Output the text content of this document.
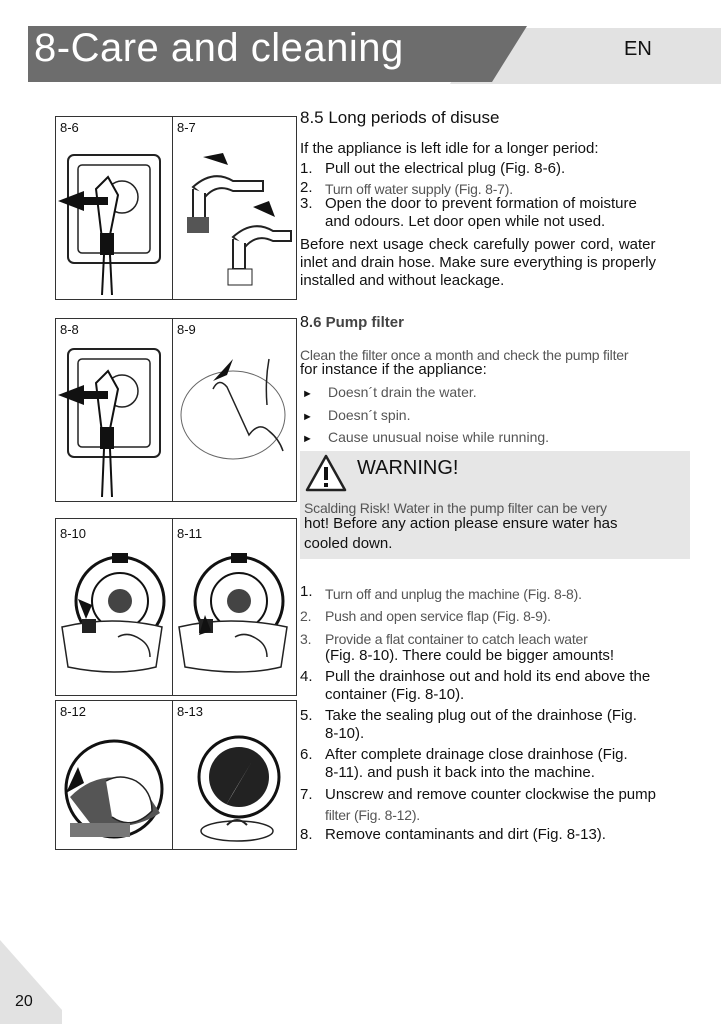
8-Care and cleaning	EN
8-6	8-7
8-8	8-9
8-10	8-11
8-12	8-13
8.5 Long periods of disuse
If the appliance is left idle for a longer period:
1. Pull out the electrical plug (Fig. 8-6).
2. Turn off water supply (Fig. 8-7).
3. Open the door to prevent formation of moisture
and odours. Let door open while not used.
Before next usage check carefully power cord, water
inlet and drain hose. Make sure everything is properly
installed and without leackage.
8.6 Pump filter
Clean the filter once a month and check the pump filter
for instance if the appliance:
► Doesn´t drain the water.
► Doesn´t spin.
► Cause unusual noise while running.
WARNING!
Scalding Risk! Water in the pump filter can be very
hot! Before any action please ensure water has
cooled down.
1. Turn off and unplug the machine (Fig. 8-8).
2. Push and open service flap (Fig. 8-9).
3. Provide a flat container to catch leach water
(Fig. 8-10). There could be bigger amounts!
4. Pull the drainhose out and hold its end above the
container (Fig. 8-10).
5. Take the sealing plug out of the drainhose (Fig.
8-10).
6. After complete drainage close drainhose (Fig.
8-11). and push it back into the machine.
7. Unscrew and remove counter clockwise the pump
filter (Fig. 8-12).
8. Remove contaminants and dirt (Fig. 8-13).
20
